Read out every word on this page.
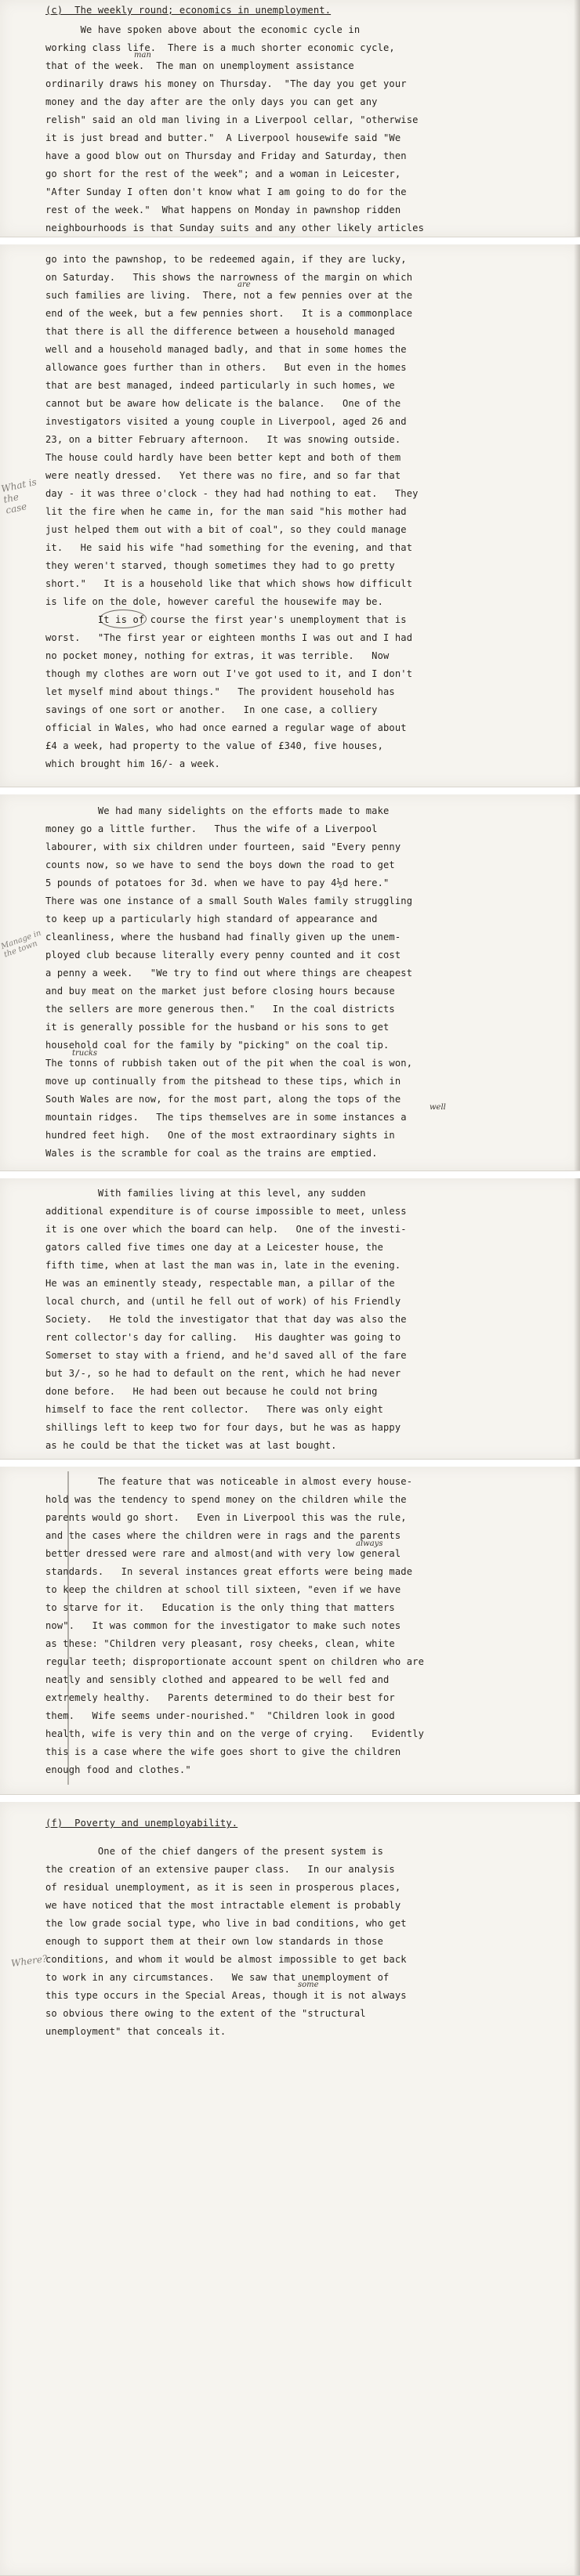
(c)  The weekly round; economics in unemployment.
We have spoken above about the economic cycle in
working class life.  There is a much shorter economic cycle,
man
that of the week.  The man on unemployment assistance
ordinarily draws his money on Thursday.  "The day you get your
money and the day after are the only days you can get any
relish" said an old man living in a Liverpool cellar, "otherwise
it is just bread and butter."  A Liverpool housewife said "We
have a good blow out on Thursday and Friday and Saturday, then
go short for the rest of the week"; and a woman in Leicester,
"After Sunday I often don't know what I am going to do for the
rest of the week."  What happens on Monday in pawnshop ridden
neighbourhoods is that Sunday suits and any other likely articles
go into the pawnshop, to be redeemed again, if they are lucky,
on Saturday.   This shows the narrowness of the margin on which
are
such families are living.  There, not a few pennies over at the
end of the week, but a few pennies short.   It is a commonplace
that there is all the difference between a household managed
well and a household managed badly, and that in some homes the
allowance goes further than in others.   But even in the homes
that are best managed, indeed particularly in such homes, we
cannot but be aware how delicate is the balance.   One of the
investigators visited a young couple in Liverpool, aged 26 and
23, on a bitter February afternoon.   It was snowing outside.
The house could hardly have been better kept and both of them
were neatly dressed.   Yet there was no fire, and so far that
day - it was three o'clock - they had had nothing to eat.   They
lit the fire when he came in, for the man said "his mother had
just helped them out with a bit of coal", so they could manage
it.   He said his wife "had something for the evening, and that
they weren't starved, though sometimes they had to go pretty
short."   It is a household like that which shows how difficult
is life on the dole, however careful the housewife may be.
It is of course the first year's unemployment that is
worst.   "The first year or eighteen months I was out and I had
no pocket money, nothing for extras, it was terrible.   Now
though my clothes are worn out I've got used to it, and I don't
let myself mind about things."   The provident household has
savings of one sort or another.   In one case, a colliery
official in Wales, who had once earned a regular wage of about
£4 a week, had property to the value of £340, five houses,
which brought him 16/- a week.
What is the case
We had many sidelights on the efforts made to make
money go a little further.   Thus the wife of a Liverpool
labourer, with six children under fourteen, said "Every penny
counts now, so we have to send the boys down the road to get
5 pounds of potatoes for 3d. when we have to pay 4½d here."
There was one instance of a small South Wales family struggling
to keep up a particularly high standard of appearance and
cleanliness, where the husband had finally given up the unem-
ployed club because literally every penny counted and it cost
a penny a week.   "We try to find out where things are cheapest
and buy meat on the market just before closing hours because
the sellers are more generous then."   In the coal districts
it is generally possible for the husband or his sons to get
household coal for the family by "picking" on the coal tip.
trucks
The tonns of rubbish taken out of the pit when the coal is won,
move up continually from the pitshead to these tips, which in
South Wales are now, for the most part, along the tops of the
well
mountain ridges.   The tips themselves are in some instances a
hundred feet high.   One of the most extraordinary sights in
Wales is the scramble for coal as the trains are emptied.
Manage in the town
With families living at this level, any sudden
additional expenditure is of course impossible to meet, unless
it is one over which the board can help.   One of the investi-
gators called five times one day at a Leicester house, the
fifth time, when at last the man was in, late in the evening.
He was an eminently steady, respectable man, a pillar of the
local church, and (until he fell out of work) of his Friendly
Society.   He told the investigator that that day was also the
rent collector's day for calling.   His daughter was going to
Somerset to stay with a friend, and he'd saved all of the fare
but 3/-, so he had to default on the rent, which he had never
done before.   He had been out because he could not bring
himself to face the rent collector.   There was only eight
shillings left to keep two for four days, but he was as happy
as he could be that the ticket was at last bought.
The feature that was noticeable in almost every house-
hold was the tendency to spend money on the children while the
parents would go short.   Even in Liverpool this was the rule,
and the cases where the children were in rags and the parents
always
better dressed were rare and almost(and with very low general
standards.   In several instances great efforts were being made
to keep the children at school till sixteen, "even if we have
to starve for it.   Education is the only thing that matters
now".   It was common for the investigator to make such notes
as these: "Children very pleasant, rosy cheeks, clean, white
regular teeth; disproportionate account spent on children who are
neatly and sensibly clothed and appeared to be well fed and
extremely healthy.   Parents determined to do their best for
them.   Wife seems under-nourished."  "Children look in good
health, wife is very thin and on the verge of crying.   Evidently
this is a case where the wife goes short to give the children
enough food and clothes."
(f)  Poverty and unemployability.
One of the chief dangers of the present system is
the creation of an extensive pauper class.   In our analysis
of residual unemployment, as it is seen in prosperous places,
we have noticed that the most intractable element is probably
the low grade social type, who live in bad conditions, who get
enough to support them at their own low standards in those
conditions, and whom it would be almost impossible to get back
to work in any circumstances.   We saw that unemployment of
some
this type occurs in the Special Areas, though it is not always
so obvious there owing to the extent of the "structural
unemployment" that conceals it.
Where?
